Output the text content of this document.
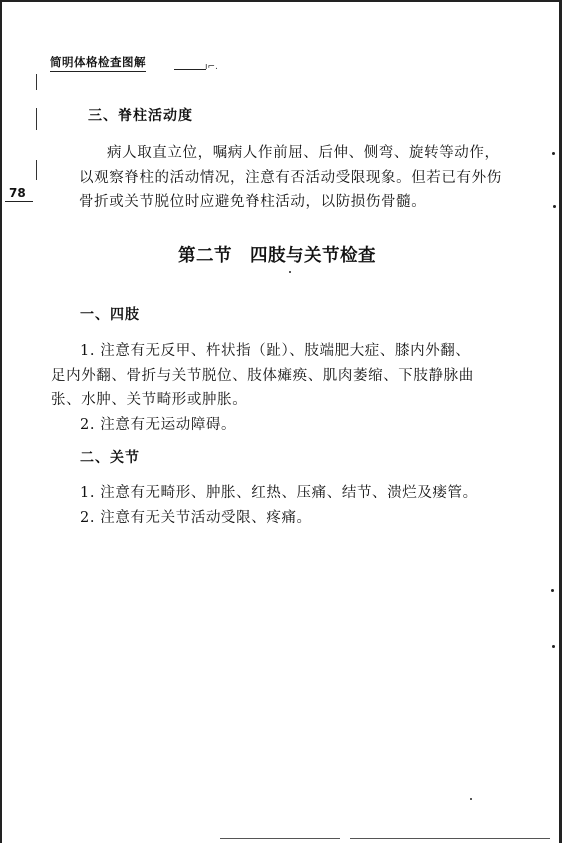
简明体格检查图解	ı⌐.
78
三、脊柱活动度
病人取直立位，嘱病人作前屈、后伸、侧弯、旋转等动作，
以观察脊柱的活动情况，注意有否活动受限现象。但若已有外伤
骨折或关节脱位时应避免脊柱活动，以防损伤骨髓。
第二节　四肢与关节检查
一、四肢
1. 注意有无反甲、杵状指（趾）、肢端肥大症、膝内外翻、
足内外翻、骨折与关节脱位、肢体瘫痪、肌肉萎缩、下肢静脉曲
张、水肿、关节畸形或肿胀。
2. 注意有无运动障碍。
二、关节
1. 注意有无畸形、肿胀、红热、压痛、结节、溃烂及瘘管。
2. 注意有无关节活动受限、疼痛。
